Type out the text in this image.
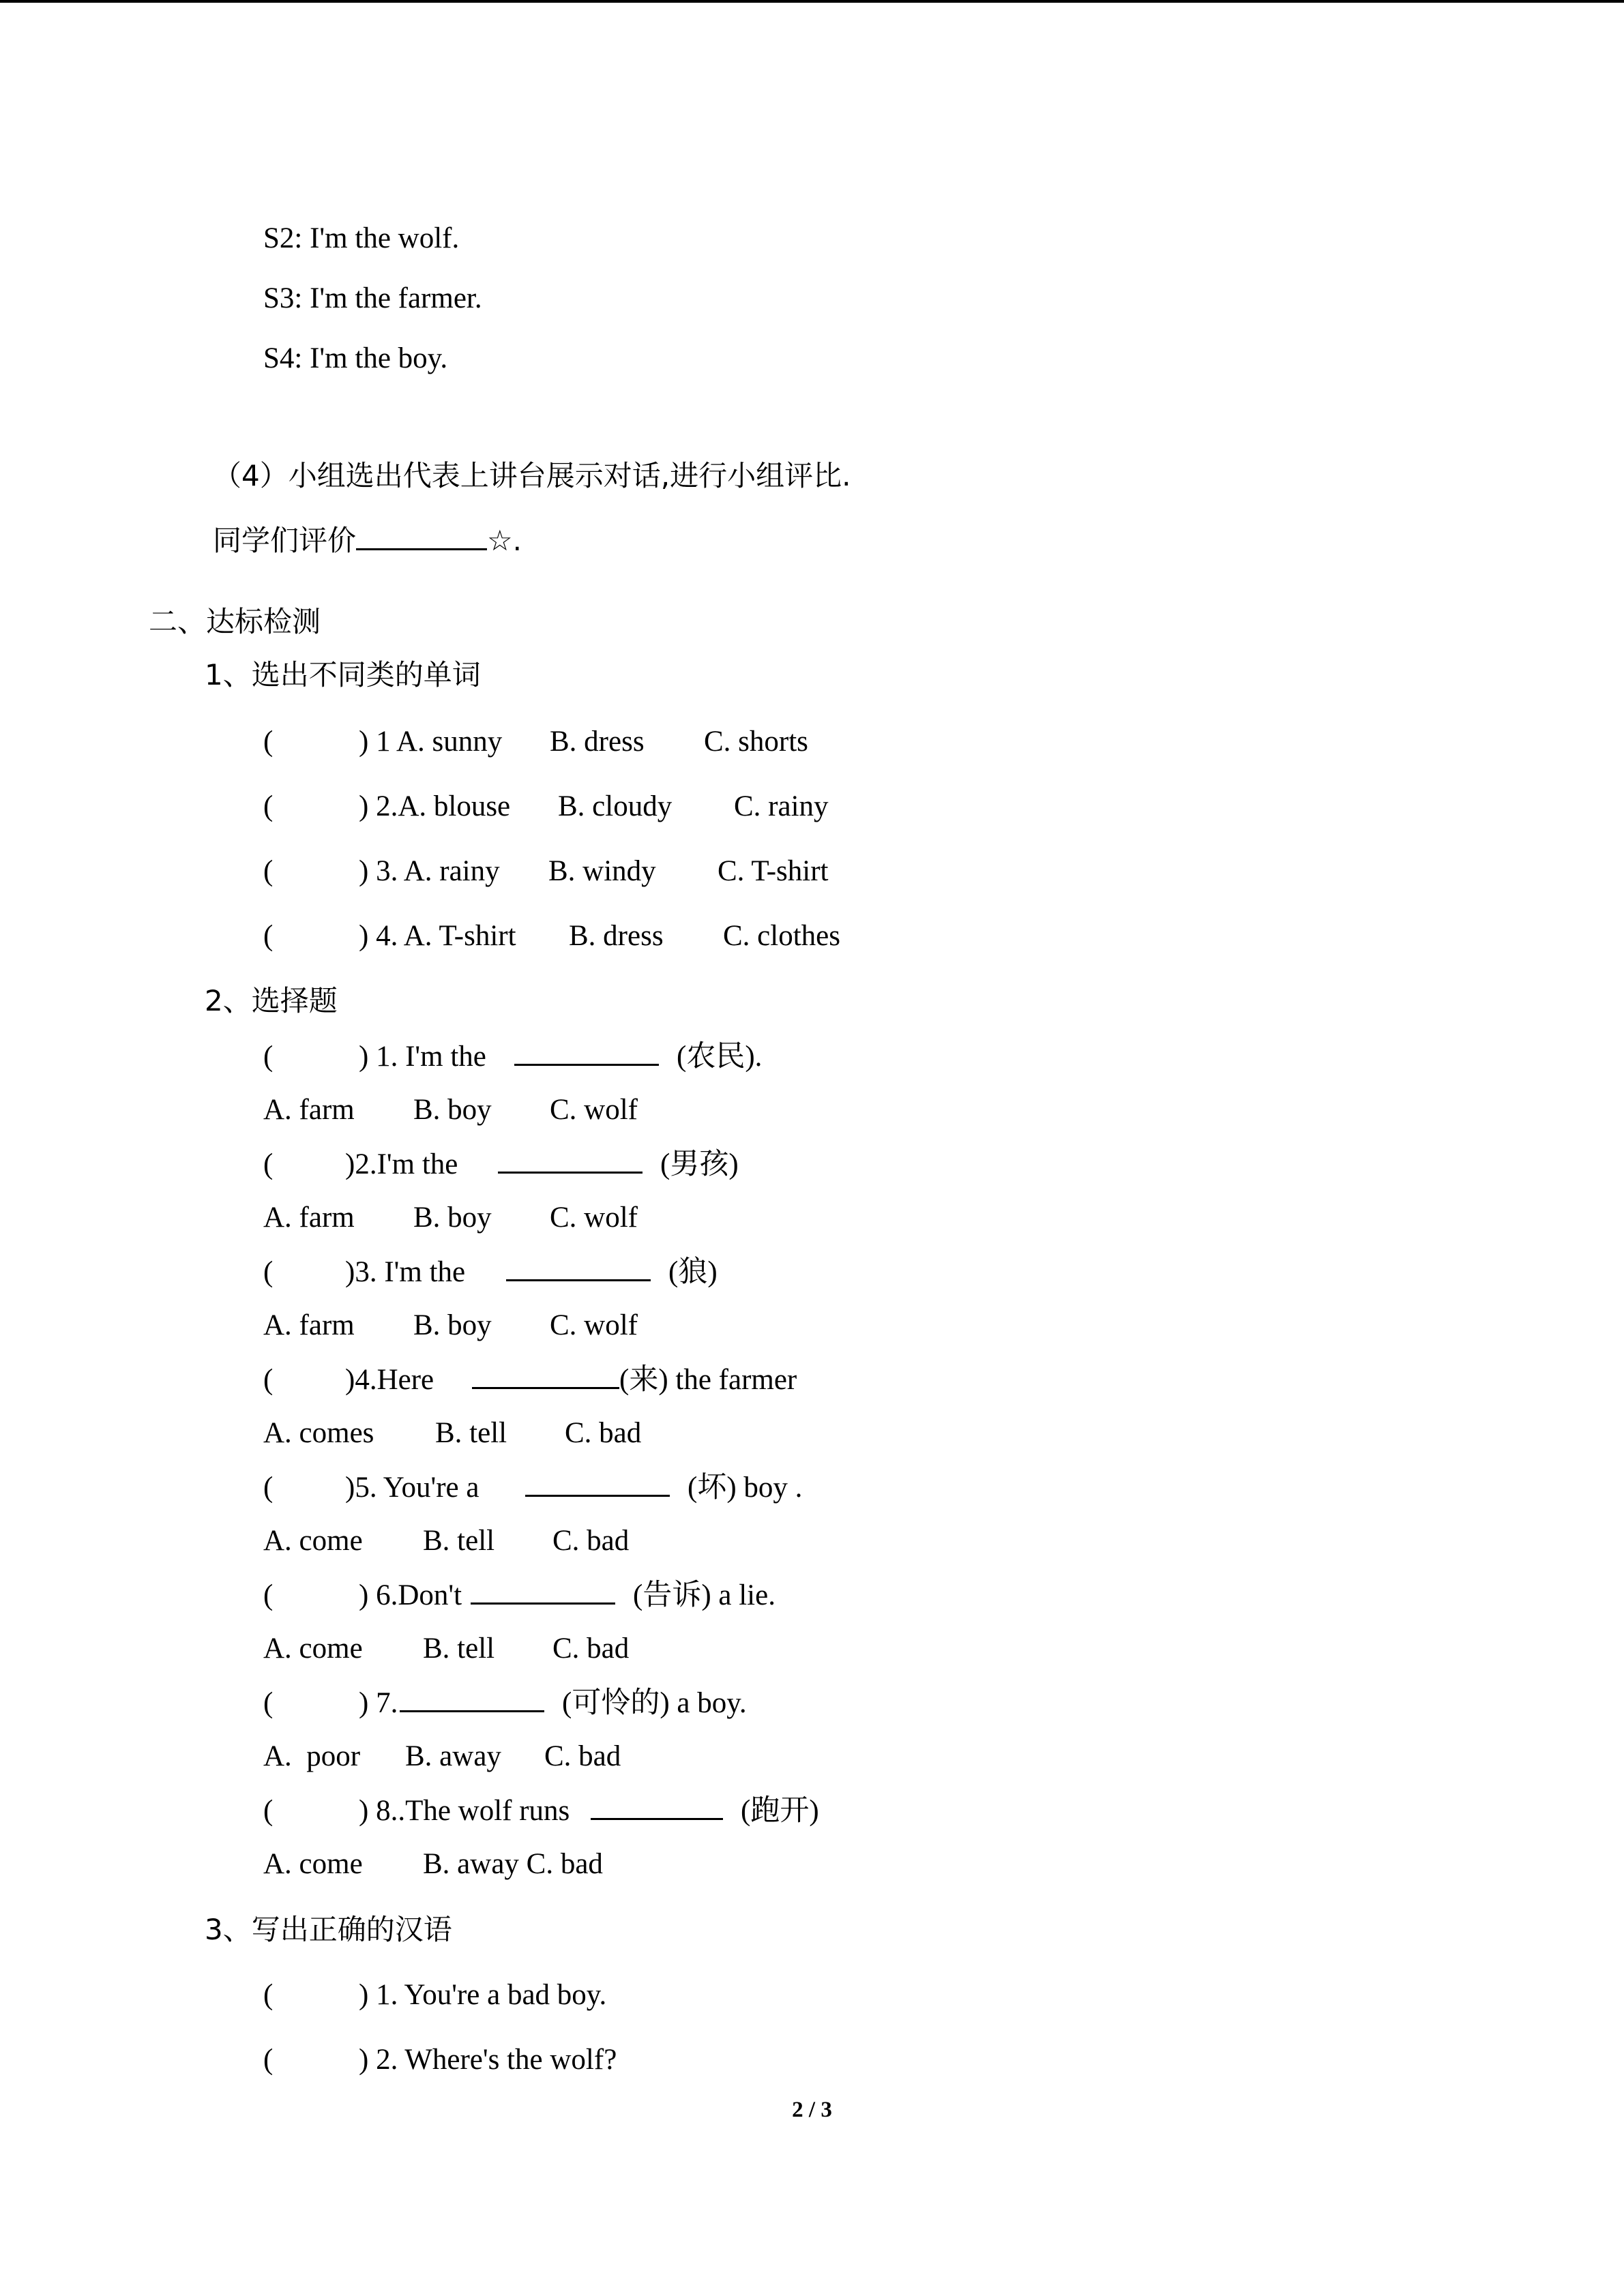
S2: I'm the wolf.
S3: I'm the farmer.
S4: I'm the boy.
（4）小组选出代表上讲台展示对话,进行小组评比.
同学们评价	☆.
二、达标检测
1、选出不同类的单词
(	) 1 A. sunny B. dress C. shorts
(	) 2.A. blouse B. cloudy C. rainy
(	) 3. A. rainy B. windy C. T-shirt
(	) 4. A. T-shirt B. dress C. clothes
2、选择题
(	) 1. I'm the	(农民).
A. farm B. boy C. wolf
( )2.I'm the	(男孩)
A. farm B. boy C. wolf
( )3. I'm the	(狼)
A. farm B. boy C. wolf
( )4.Here	(来) the farmer
A. comes B. tell C. bad
( )5. You're a	(坏) boy .
A. come B. tell C. bad
(	) 6.Don't	(告诉) a lie.
A. come B. tell C. bad
(	) 7.	(可怜的) a boy.
A.  poor B. away C. bad
(	) 8..The wolf runs	(跑开)
A. come B. away C. bad
3、写出正确的汉语
(	) 1. You're a bad boy.
(	) 2. Where's the wolf?
2 / 3
